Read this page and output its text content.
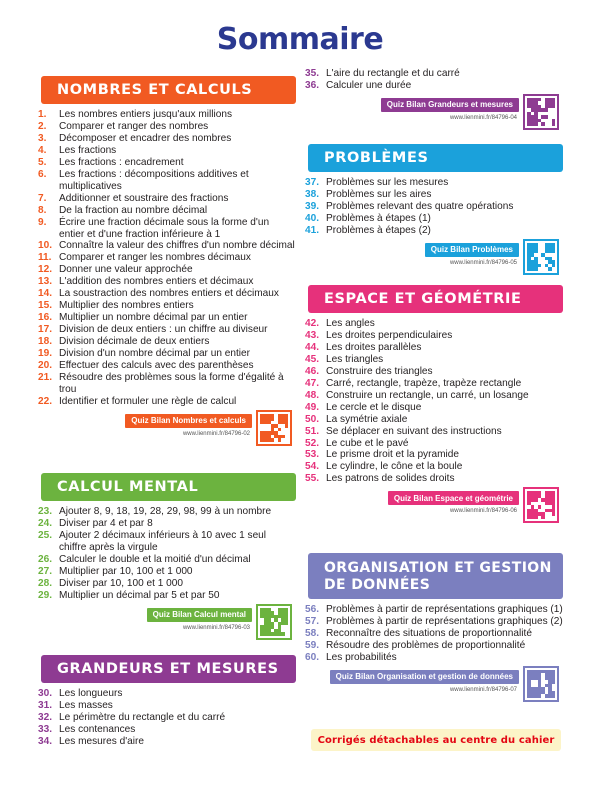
Sommaire
NOMBRES ET CALCULS
1.	Les nombres entiers jusqu'aux millions
2.	Comparer et ranger des nombres
3.	Décomposer et encadrer des nombres
4.	Les fractions
5.	Les fractions : encadrement
6.	Les fractions : décompositions additives et multiplicatives
7.	Additionner et soustraire des fractions
8.	De la fraction au nombre décimal
9.	Écrire une fraction décimale sous la forme d'un entier et d'une fraction inférieure à 1
10. Connaître la valeur des chiffres d'un nombre décimal
11. Comparer et ranger les nombres décimaux
12. Donner une valeur approchée
13. L'addition des nombres entiers et décimaux
14. La soustraction des nombres entiers et décimaux
15. Multiplier des nombres entiers
16. Multiplier un nombre décimal par un entier
17. Division de deux entiers : un chiffre au diviseur
18. Division décimale de deux entiers
19. Division d'un nombre décimal par un entier
20. Effectuer des calculs avec des parenthèses
21. Résoudre des problèmes sous la forme d'égalité à trou
22. Identifier et formuler une règle de calcul
Quiz Bilan Nombres et calculs
www.lienmini.fr/84796-02
CALCUL MENTAL
23. Ajouter 8, 9, 18, 19, 28, 29, 98, 99 à un nombre
24. Diviser par 4 et par 8
25. Ajouter 2 décimaux inférieurs à 10 avec 1 seul chiffre après la virgule
26. Calculer le double et la moitié d'un décimal
27. Multiplier par 10, 100 et 1 000
28. Diviser par 10, 100 et 1 000
29. Multiplier un décimal par 5 et par 50
Quiz Bilan Calcul mental
www.lienmini.fr/84796-03
GRANDEURS ET MESURES
30. Les longueurs
31. Les masses
32. Le périmètre du rectangle et du carré
33. Les contenances
34. Les mesures d'aire
35. L'aire du rectangle et du carré
36. Calculer une durée
Quiz Bilan Grandeurs et mesures
www.lienmini.fr/84796-04
PROBLÈMES
37. Problèmes sur les mesures
38. Problèmes sur les aires
39. Problèmes relevant des quatre opérations
40. Problèmes à étapes (1)
41. Problèmes à étapes (2)
Quiz Bilan Problèmes
www.lienmini.fr/84796-05
ESPACE ET GÉOMÉTRIE
42. Les angles
43. Les droites perpendiculaires
44. Les droites parallèles
45. Les triangles
46. Construire des triangles
47. Carré, rectangle, trapèze, trapèze rectangle
48. Construire un rectangle, un carré, un losange
49. Le cercle et le disque
50. La symétrie axiale
51. Se déplacer en suivant des instructions
52. Le cube et le pavé
53. Le prisme droit et la pyramide
54. Le cylindre, le cône et la boule
55. Les patrons de solides droits
Quiz Bilan Espace et géométrie
www.lienmini.fr/84796-06
ORGANISATION ET GESTION
DE DONNÉES
56. Problèmes à partir de représentations graphiques (1)
57. Problèmes à partir de représentations graphiques (2)
58. Reconnaître des situations de proportionnalité
59. Résoudre des problèmes de proportionnalité
60. Les probabilités
Quiz Bilan Organisation et gestion de données
www.lienmini.fr/84796-07
Corrigés détachables au centre du cahier
